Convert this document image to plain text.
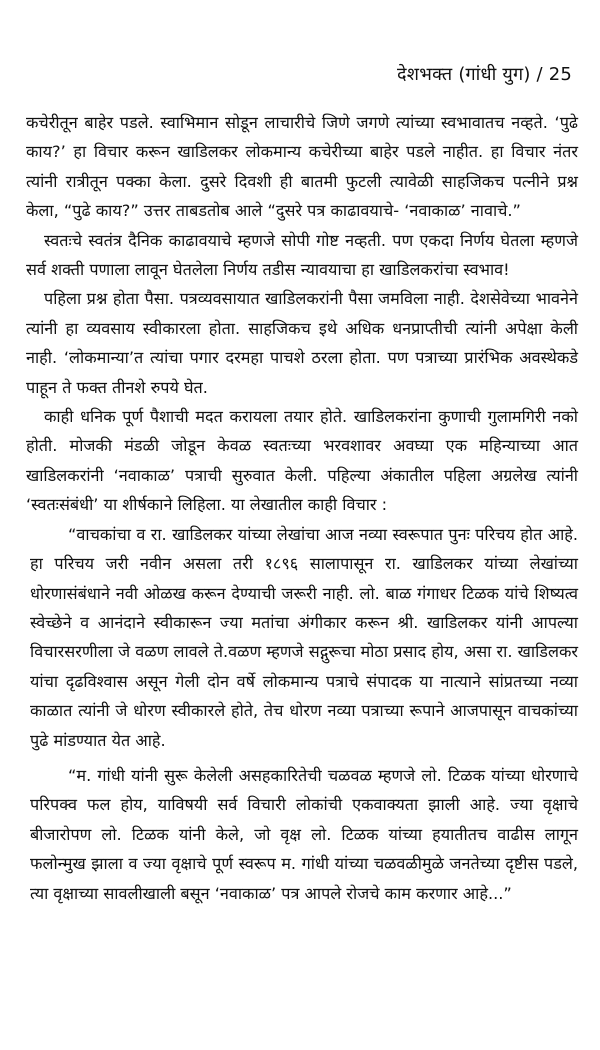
देशभक्त (गांधी युग) / 25

कचेरीतून बाहेर पडले. स्वाभिमान सोडून लाचारीचे जिणे जगणे त्यांच्या स्वभावातच नव्हते. ‘पुढे काय?’ हा विचार करून खाडिलकर लोकमान्य कचेरीच्या बाहेर पडले नाहीत. हा विचार नंतर त्यांनी रात्रीतून पक्का केला. दुसरे दिवशी ही बातमी फुटली त्यावेळी साहजिकच पत्नीने प्रश्न केला, “पुढे काय?” उत्तर ताबडतोब आले “दुसरे पत्र काढावयाचे- ‘नवाकाळ’ नावाचे.”

स्वतःचे स्वतंत्र दैनिक काढावयाचे म्हणजे सोपी गोष्ट नव्हती. पण एकदा निर्णय घेतला म्हणजे सर्व शक्ती पणाला लावून घेतलेला निर्णय तडीस न्यावयाचा हा खाडिलकरांचा स्वभाव!

पहिला प्रश्न होता पैसा. पत्रव्यवसायात खाडिलकरांनी पैसा जमविला नाही. देशसेवेच्या भावनेने त्यांनी हा व्यवसाय स्वीकारला होता. साहजिकच इथे अधिक धनप्राप्तीची त्यांनी अपेक्षा केली नाही. ‘लोकमान्या’त त्यांचा पगार दरमहा पाचशे ठरला होता. पण पत्राच्या प्रारंभिक अवस्थेकडे पाहून ते फक्त तीनशे रुपये घेत.

काही धनिक पूर्ण पैशाची मदत करायला तयार होते. खाडिलकरांना कुणाची गुलामगिरी नको होती. मोजकी मंडळी जोडून केवळ स्वतःच्या भरवशावर अवघ्या एक महिन्याच्या आत खाडिलकरांनी ‘नवाकाळ’ पत्राची सुरुवात केली. पहिल्या अंकातील पहिला अग्रलेख त्यांनी ‘स्वतःसंबंधी’ या शीर्षकाने लिहिला. या लेखातील काही विचार :

“वाचकांचा व रा. खाडिलकर यांच्या लेखांचा आज नव्या स्वरूपात पुनः परिचय होत आहे. हा परिचय जरी नवीन असला तरी १८९६ सालापासून रा. खाडिलकर यांच्या लेखांच्या धोरणासंबंधाने नवी ओळख करून देण्याची जरूरी नाही. लो. बाळ गंगाधर टिळक यांचे शिष्यत्व स्वेच्छेने व आनंदाने स्वीकारून ज्या मतांचा अंगीकार करून श्री. खाडिलकर यांनी आपल्या विचारसरणीला जे वळण लावले ते.वळण म्हणजे सद्गुरूचा मोठा प्रसाद होय, असा रा. खाडिलकर यांचा दृढविश्वास असून गेली दोन वर्षे लोकमान्य पत्राचे संपादक या नात्याने सांप्रतच्या नव्या काळात त्यांनी जे धोरण स्वीकारले होते, तेच धोरण नव्या पत्राच्या रूपाने आजपासून वाचकांच्या पुढे मांडण्यात येत आहे.

“म. गांधी यांनी सुरू केलेली असहकारितेची चळवळ म्हणजे लो. टिळक यांच्या धोरणाचे परिपक्व फल होय, याविषयी सर्व विचारी लोकांची एकवाक्यता झाली आहे. ज्या वृक्षाचे बीजारोपण लो. टिळक यांनी केले, जो वृक्ष लो. टिळक यांच्या हयातीतच वाढीस लागून फलोन्मुख झाला व ज्या वृक्षाचे पूर्ण स्वरूप म. गांधी यांच्या चळवळीमुळे जनतेच्या दृष्टीस पडले, त्या वृक्षाच्या सावलीखाली बसून ‘नवाकाळ’ पत्र आपले रोजचे काम करणार आहे...”
